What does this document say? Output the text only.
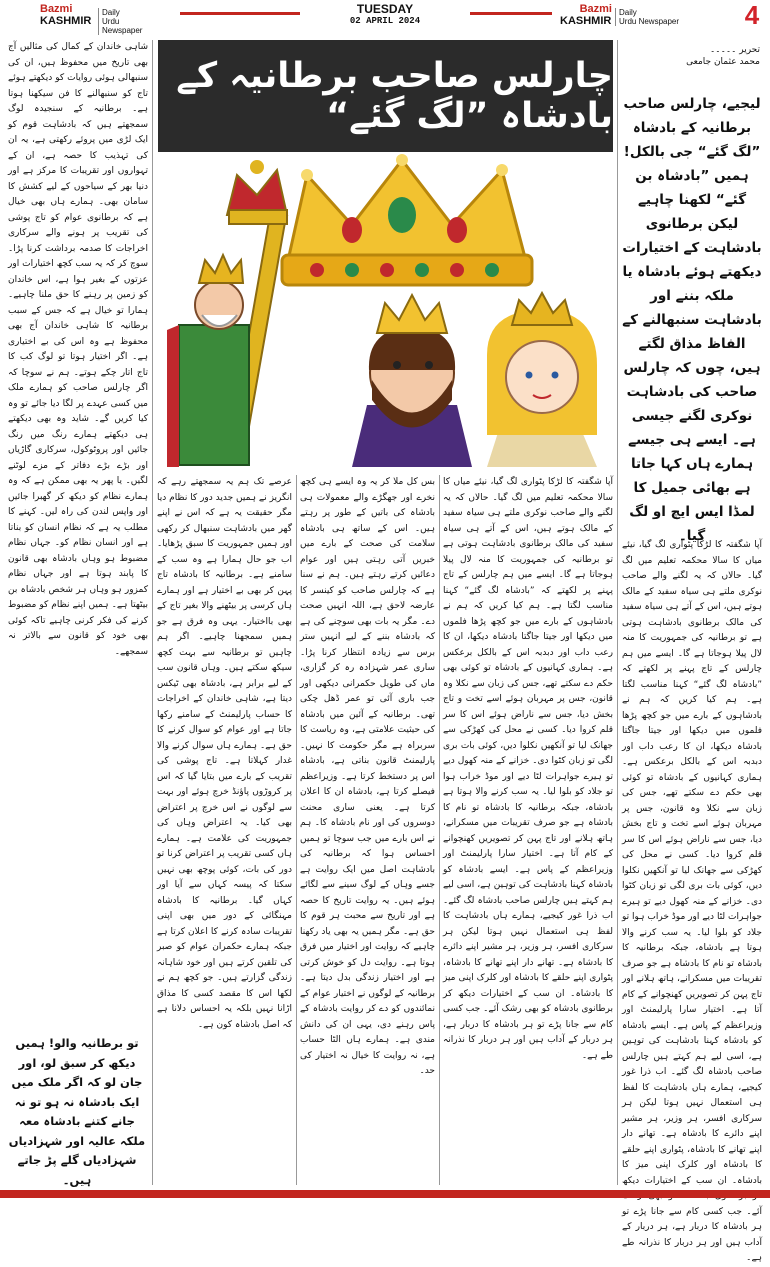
Bazmi
KASHMIR
Daily
Urdu Newspaper
TUESDAY
02 APRIL 2024
Bazmi
KASHMIR
Daily
Urdu Newspaper	4

شاہی خاندان کے کمال کی مثالیں آج بھی تاریخ میں محفوظ ہیں، ان کی سنبھالی ہوئی روایات کو دیکھتے ہوئے تاج کو سنبھالنے کا فن سیکھنا ہوتا ہے۔ برطانیہ کے سنجیدہ لوگ سمجھتے ہیں کہ بادشاہت قوم کو ایک لڑی میں پروئے رکھتی ہے، یہ ان کی تہذیب کا حصہ ہے، ان کے تہواروں اور تقریبات کا مرکز ہے اور دنیا بھر کے سیاحوں کے لیے کشش کا سامان بھی۔ ہمارے ہاں بھی خیال ہے کہ برطانوی عوام کو تاج پوشی کی تقریب پر ہونے والے سرکاری اخراجات کا صدمہ برداشت کرنا پڑا۔ سوچ کر کہ یہ سب کچھ اختیارات اور عزتوں کے بغیر ہوا ہے، اس خاندان کو زمین پر رہنے کا حق ملنا چاہیے۔ ہمارا تو خیال ہے کہ جس کے سبب برطانیہ کا شاہی خاندان آج بھی محفوظ ہے وہ اس کی بے اختیاری ہے۔ اگر اختیار ہوتا تو لوگ کب کا تاج اتار چکے ہوتے۔ ہم نے سوچا کہ اگر چارلس صاحب کو ہمارے ملک میں کسی عہدے پر لگا دیا جائے تو وہ کیا کریں گے۔ شاید وہ بھی دیکھتے ہی دیکھتے ہمارے رنگ میں رنگ جائیں اور پروٹوکول، سرکاری گاڑیاں اور بڑے بڑے دفاتر کے مزے لوٹنے لگیں۔ یا پھر یہ بھی ممکن ہے کہ وہ ہمارے نظام کو دیکھ کر گھبرا جائیں اور واپس لندن کی راہ لیں۔ کہنے کا مطلب یہ ہے کہ نظام انسان کو بناتا ہے اور انسان نظام کو۔ جہاں نظام مضبوط ہو وہاں بادشاہ بھی قانون کا پابند ہوتا ہے اور جہاں نظام کمزور ہو وہاں ہر شخص بادشاہ بن بیٹھتا ہے۔ ہمیں اپنے نظام کو مضبوط کرنے کی فکر کرنی چاہیے تاکہ کوئی بھی خود کو قانون سے بالاتر نہ سمجھے۔

تو برطانیہ والو! ہمیں دیکھ کر سبق لو، اور جان لو کہ اگر ملک میں ایک بادشاہ نہ ہو تو نہ جانے کتنے بادشاہ معہ ملکہ عالیہ اور شہزادیاں شہزادیاں گلے پڑ جاتے ہیں۔
چارلس صاحب برطانیہ کے بادشاہ ”لگ گئے“

عرصے تک ہم یہ سمجھتے رہے کہ انگریز نے ہمیں جدید دور کا نظام دیا مگر حقیقت یہ ہے کہ اس نے اپنے گھر میں بادشاہت سنبھال کر رکھی اور ہمیں جمہوریت کا سبق پڑھایا۔ اب جو حال ہمارا ہے وہ سب کے سامنے ہے۔ برطانیہ کا بادشاہ تاج پہن کر بھی بے اختیار ہے اور ہمارے ہاں کرسی پر بیٹھنے والا بغیر تاج کے بھی بااختیار۔ یہی وہ فرق ہے جو ہمیں سمجھنا چاہیے۔ اگر ہم چاہیں تو برطانیہ سے بہت کچھ سیکھ سکتے ہیں۔ وہاں قانون سب کے لیے برابر ہے، بادشاہ بھی ٹیکس دیتا ہے، شاہی خاندان کے اخراجات کا حساب پارلیمنٹ کے سامنے رکھا جاتا ہے اور عوام کو سوال کرنے کا حق ہے۔ ہمارے ہاں سوال کرنے والا غدار کہلاتا ہے۔ تاج پوشی کی تقریب کے بارے میں بتایا گیا کہ اس پر کروڑوں پاؤنڈ خرچ ہوئے اور بہت سے لوگوں نے اس خرچ پر اعتراض بھی کیا۔ یہ اعتراض وہاں کی جمہوریت کی علامت ہے۔ ہمارے ہاں کسی تقریب پر اعتراض کرنا تو دور کی بات، کوئی پوچھ بھی نہیں سکتا کہ پیسہ کہاں سے آیا اور کہاں گیا۔ برطانیہ کا بادشاہ مہنگائی کے دور میں بھی اپنی تقریبات سادہ کرنے کا اعلان کرتا ہے جبکہ ہمارے حکمران عوام کو صبر کی تلقین کرتے ہیں اور خود شاہانہ زندگی گزارتے ہیں۔ جو کچھ ہم نے لکھا اس کا مقصد کسی کا مذاق اڑانا نہیں بلکہ یہ احساس دلانا ہے کہ اصل بادشاہ کون ہے۔

بس کل ملا کر یہ وہ ایسے ہی کچھ نخرے اور جھگڑے والے معمولات ہی بادشاہ کی باتیں کے طور پر رہتے ہیں۔ اس کے ساتھ ہی بادشاہ سلامت کی صحت کے بارے میں خبریں آتی رہتی ہیں اور عوام دعائیں کرتے رہتے ہیں۔ ہم نے سنا ہے کہ چارلس صاحب کو کینسر کا عارضہ لاحق ہے، اللہ انہیں صحت دے۔ مگر یہ بات بھی سوچنے کی ہے کہ بادشاہ بننے کے لیے انہیں ستر برس سے زیادہ انتظار کرنا پڑا۔ ساری عمر شہزادہ رہ کر گزاری، ماں کی طویل حکمرانی دیکھی اور جب باری آئی تو عمر ڈھل چکی تھی۔ برطانیہ کے آئین میں بادشاہ کی حیثیت علامتی ہے، وہ ریاست کا سربراہ ہے مگر حکومت کا نہیں۔ پارلیمنٹ قانون بناتی ہے، بادشاہ اس پر دستخط کرتا ہے۔ وزیراعظم فیصلے کرتا ہے، بادشاہ ان کا اعلان کرتا ہے۔ یعنی ساری محنت دوسروں کی اور نام بادشاہ کا۔ ہم نے اس بارے میں جب سوچا تو ہمیں احساس ہوا کہ برطانیہ کی بادشاہت اصل میں ایک روایت ہے جسے وہاں کے لوگ سینے سے لگائے ہوئے ہیں۔ یہ روایت تاریخ کا حصہ ہے اور تاریخ سے محبت ہر قوم کا حق ہے۔ مگر ہمیں یہ بھی یاد رکھنا چاہیے کہ روایت اور اختیار میں فرق ہوتا ہے۔ روایت دل کو خوش کرتی ہے اور اختیار زندگی بدل دیتا ہے۔ برطانیہ کے لوگوں نے اختیار عوام کے نمائندوں کو دے کر روایت بادشاہ کے پاس رہنے دی، یہی ان کی دانش مندی ہے۔ ہمارے ہاں الٹا حساب ہے، نہ روایت کا خیال نہ اختیار کی حد۔

آپا شگفتہ کا لڑکا پٹواری لگ گیا، نیئے میاں کا سالا محکمہ تعلیم میں لگ گیا۔ حالاں کہ یہ لگنے والے صاحب نوکری ملتے ہی سیاہ سفید کے مالک ہوتے ہیں، اس کے آتے ہی سیاہ سفید کی مالک برطانوی بادشاہت ہوتی ہے تو برطانیہ کی جمہوریت کا منہ لال پیلا ہوجاتا ہے گا۔ ایسے میں ہم چارلس کے تاج پہنے پر لکھتے کہ ”بادشاہ لگ گئے“ کہنا مناسب لگتا ہے۔ ہم کیا کریں کہ ہم نے بادشاہوں کے بارے میں جو کچھ پڑھا فلموں میں دیکھا اور جیتا جاگتا بادشاہ دیکھا، ان کا رعب داب اور دبدبہ اس کے بالکل برعکس ہے۔ ہماری کہانیوں کے بادشاہ تو کوئی بھی حکم دے سکتے تھے، جس کی زبان سے نکلا وہ قانون، جس پر مہربان ہوئے اسے تخت و تاج بخش دیا، جس سے ناراض ہوئے اس کا سر قلم کروا دیا۔ کسی نے محل کی کھڑکی سے جھانک لیا تو آنکھیں نکلوا دیں، کوئی بات بری لگی تو زبان کٹوا دی۔ خزانے کے منہ کھول دیے تو ہیرے جواہرات لٹا دیے اور موڈ خراب ہوا تو جلاد کو بلوا لیا۔ یہ سب کرنے والا ہوتا ہے بادشاہ، جبکہ برطانیہ کا بادشاہ تو نام کا بادشاہ ہے جو صرف تقریبات میں مسکرانے، ہاتھ ہلانے اور تاج پہن کر تصویریں کھنچوانے کے کام آتا ہے۔ اختیار سارا پارلیمنٹ اور وزیراعظم کے پاس ہے۔ ایسے بادشاہ کو بادشاہ کہنا بادشاہت کی توہین ہے، اسی لیے ہم کہتے ہیں چارلس صاحب بادشاہ لگ گئے۔ اب ذرا غور کیجیے، ہمارے ہاں بادشاہت کا لفظ ہی استعمال نہیں ہوتا لیکن ہر سرکاری افسر، ہر وزیر، ہر مشیر اپنے دائرے کا بادشاہ ہے۔ تھانے دار اپنے تھانے کا بادشاہ، پٹواری اپنے حلقے کا بادشاہ اور کلرک اپنی میز کا بادشاہ۔ ان سب کے اختیارات دیکھ کر برطانوی بادشاہ کو بھی رشک آئے۔ جب کسی کام سے جانا پڑے تو ہر بادشاہ کا دربار ہے، ہر دربار کے آداب ہیں اور ہر دربار کا نذرانہ طے ہے۔

تحریر ۔۔۔۔۔
محمد عثمان جامعی
لیجیے، چارلس صاحب برطانیہ کے بادشاہ ”لگ گئے“ جی بالکل! ہمیں ”بادشاہ بن گئے“ لکھنا چاہیے لیکن برطانوی بادشاہت کے اختیارات دیکھتے ہوئے بادشاہ یا ملکہ بننے اور بادشاہت سنبھالنے کے الفاظ مذاق لگتے ہیں، چوں کہ چارلس صاحب کی بادشاہت نوکری لگنے جیسی ہے۔ ایسے ہی جیسے ہمارے ہاں کہا جاتا ہے بھائی جمیل کا لمڈا ایس ایچ او لگ گیا۔

آپا شگفتہ کا لڑکا پٹواری لگ گیا، نیئے میاں کا سالا محکمہ تعلیم میں لگ گیا۔ حالاں کہ یہ لگنے والے صاحب نوکری ملتے ہی سیاہ سفید کے مالک ہوتے ہیں، اس کے آتے ہی سیاہ سفید کی مالک برطانوی بادشاہت ہوتی ہے تو برطانیہ کی جمہوریت کا منہ لال پیلا ہوجاتا ہے گا۔ ایسے میں ہم چارلس کے تاج پہنے پر لکھتے کہ ”بادشاہ لگ گئے“ کہنا مناسب لگتا ہے۔ ہم کیا کریں کہ ہم نے بادشاہوں کے بارے میں جو کچھ پڑھا فلموں میں دیکھا اور جیتا جاگتا بادشاہ دیکھا، ان کا رعب داب اور دبدبہ اس کے بالکل برعکس ہے۔ ہماری کہانیوں کے بادشاہ تو کوئی بھی حکم دے سکتے تھے، جس کی زبان سے نکلا وہ قانون، جس پر مہربان ہوئے اسے تخت و تاج بخش دیا، جس سے ناراض ہوئے اس کا سر قلم کروا دیا۔ کسی نے محل کی کھڑکی سے جھانک لیا تو آنکھیں نکلوا دیں، کوئی بات بری لگی تو زبان کٹوا دی۔ خزانے کے منہ کھول دیے تو ہیرے جواہرات لٹا دیے اور موڈ خراب ہوا تو جلاد کو بلوا لیا۔ یہ سب کرنے والا ہوتا ہے بادشاہ، جبکہ برطانیہ کا بادشاہ تو نام کا بادشاہ ہے جو صرف تقریبات میں مسکرانے، ہاتھ ہلانے اور تاج پہن کر تصویریں کھنچوانے کے کام آتا ہے۔ اختیار سارا پارلیمنٹ اور وزیراعظم کے پاس ہے۔ ایسے بادشاہ کو بادشاہ کہنا بادشاہت کی توہین ہے، اسی لیے ہم کہتے ہیں چارلس صاحب بادشاہ لگ گئے۔ اب ذرا غور کیجیے، ہمارے ہاں بادشاہت کا لفظ ہی استعمال نہیں ہوتا لیکن ہر سرکاری افسر، ہر وزیر، ہر مشیر اپنے دائرے کا بادشاہ ہے۔ تھانے دار اپنے تھانے کا بادشاہ، پٹواری اپنے حلقے کا بادشاہ اور کلرک اپنی میز کا بادشاہ۔ ان سب کے اختیارات دیکھ آئے۔ جب کسی کام سے جانا پڑے تو ہر بادشاہ کا دربار ہے، ہر دربار کے آداب ہیں اور ہر دربار کا نذرانہ طے ہے۔
